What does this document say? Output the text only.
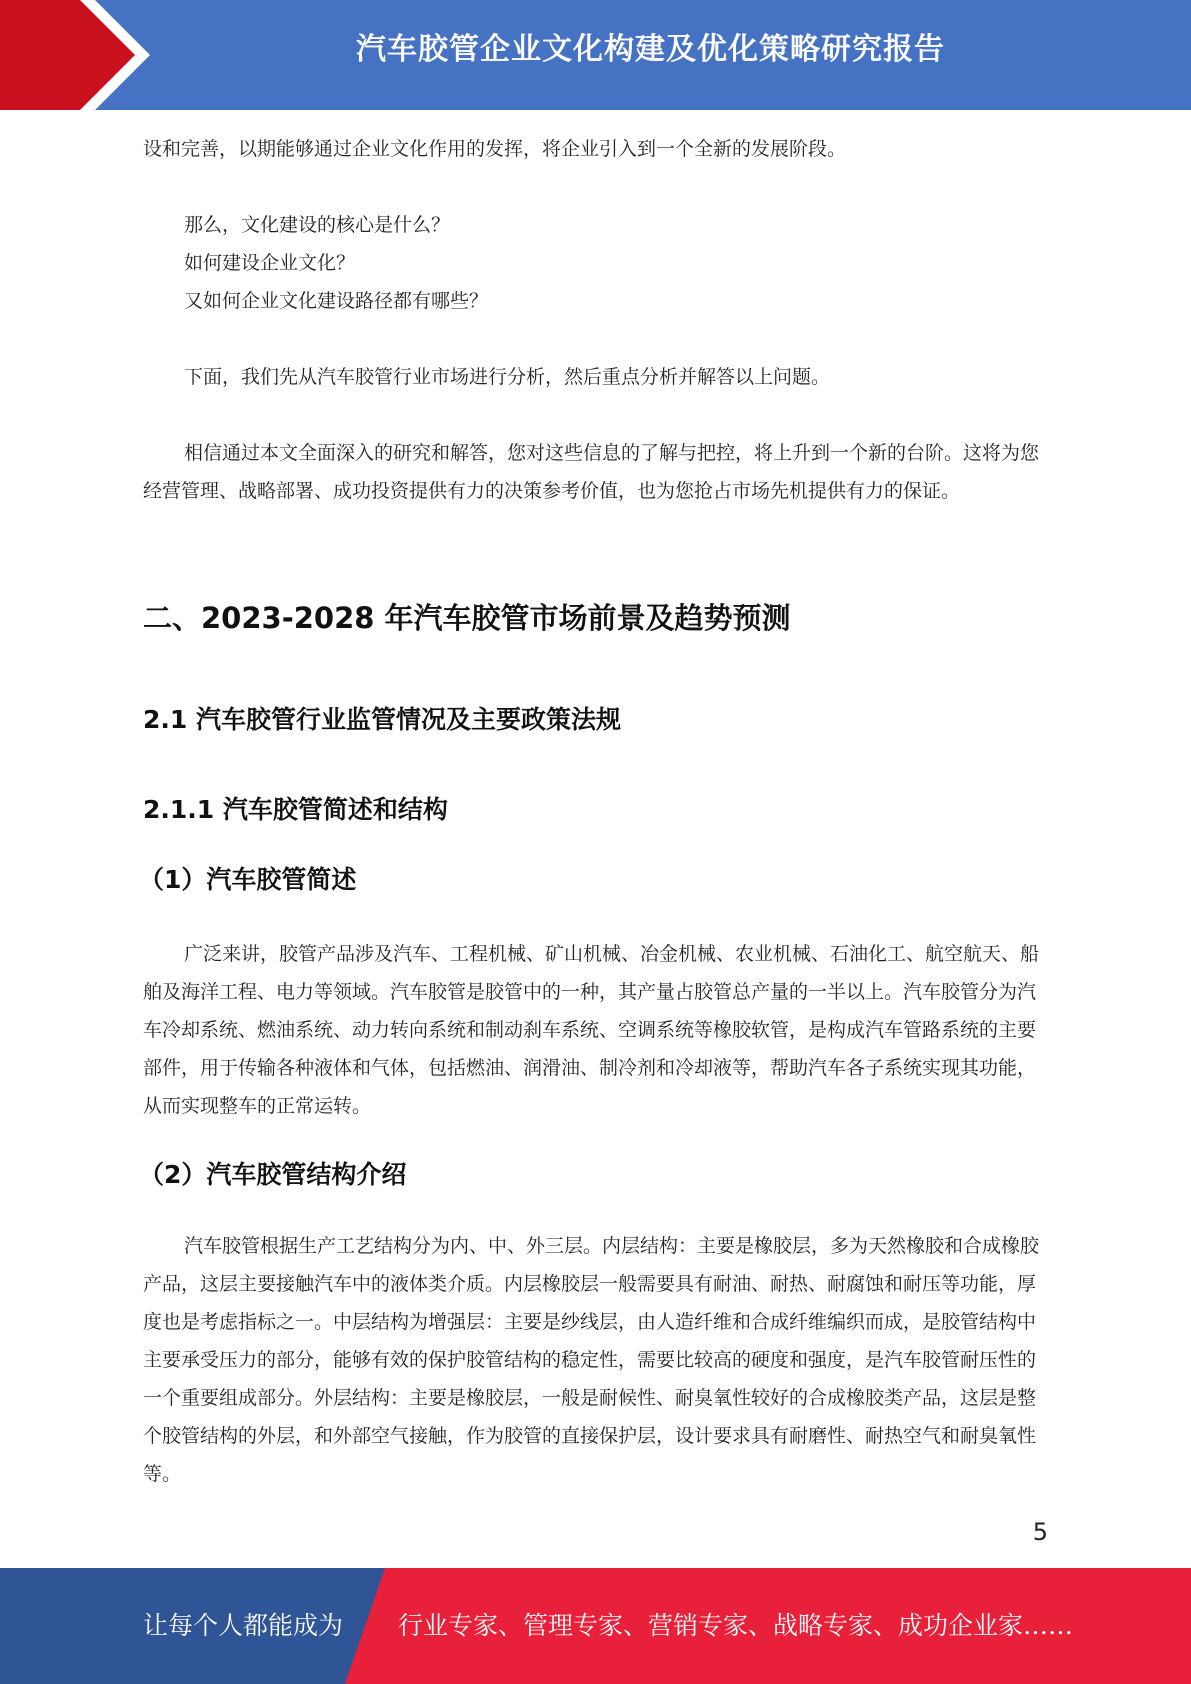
汽车胶管企业文化构建及优化策略研究报告
设和完善，以期能够通过企业文化作用的发挥，将企业引入到一个全新的发展阶段。
那么，文化建设的核心是什么？
如何建设企业文化？
又如何企业文化建设路径都有哪些？
下面，我们先从汽车胶管行业市场进行分析，然后重点分析并解答以上问题。
相信通过本文全面深入的研究和解答，您对这些信息的了解与把控，将上升到一个新的台阶。这将为您经营管理、战略部署、成功投资提供有力的决策参考价值，也为您抢占市场先机提供有力的保证。
二、2023-2028 年汽车胶管市场前景及趋势预测
2.1 汽车胶管行业监管情况及主要政策法规
2.1.1 汽车胶管简述和结构
（1）汽车胶管简述
广泛来讲，胶管产品涉及汽车、工程机械、矿山机械、冶金机械、农业机械、石油化工、航空航天、船舶及海洋工程、电力等领域。汽车胶管是胶管中的一种，其产量占胶管总产量的一半以上。汽车胶管分为汽车冷却系统、燃油系统、动力转向系统和制动刹车系统、空调系统等橡胶软管，是构成汽车管路系统的主要部件，用于传输各种液体和气体，包括燃油、润滑油、制冷剂和冷却液等，帮助汽车各子系统实现其功能，从而实现整车的正常运转。
（2）汽车胶管结构介绍
汽车胶管根据生产工艺结构分为内、中、外三层。内层结构：主要是橡胶层，多为天然橡胶和合成橡胶产品，这层主要接触汽车中的液体类介质。内层橡胶层一般需要具有耐油、耐热、耐腐蚀和耐压等功能，厚度也是考虑指标之一。中层结构为增强层：主要是纱线层，由人造纤维和合成纤维编织而成，是胶管结构中主要承受压力的部分，能够有效的保护胶管结构的稳定性，需要比较高的硬度和强度，是汽车胶管耐压性的一个重要组成部分。外层结构：主要是橡胶层，一般是耐候性、耐臭氧性较好的合成橡胶类产品，这层是整个胶管结构的外层，和外部空气接触，作为胶管的直接保护层，设计要求具有耐磨性、耐热空气和耐臭氧性等。
5
让每个人都能成为 行业专家、管理专家、营销专家、战略专家、成功企业家……
